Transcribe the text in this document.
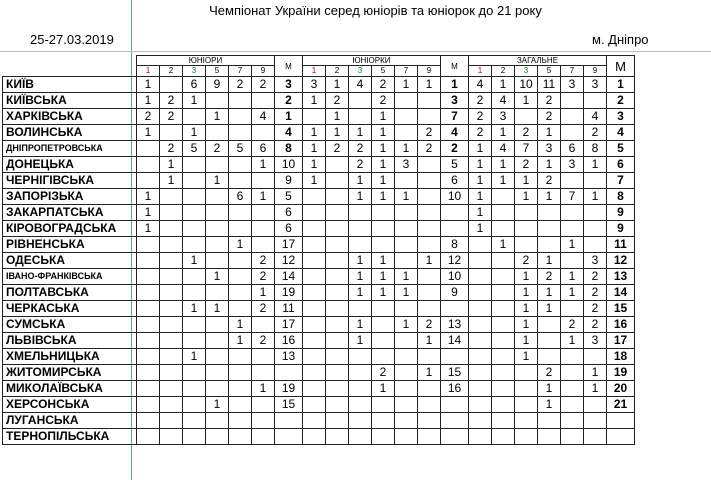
Чемпіонат України серед юніорів та юніорок до 21 року
25-27.03.2019	м. Дніпро
	ЮНІОРИ						М	ЮНІОРКИ						М	ЗАГАЛЬНЕ						М
	1	2	3	5	7	9		1	2	3	5	7	9		1	2	3	5	7	9	
КИЇВ	1		6	9	2	2	3	3	1	4	2	1	1	1	4	1	10	11	3	3	1
КИЇВСЬКА	1	2	1				2	1	2		2			3	2	4	1	2			2
ХАРКІВСЬКА	2	2		1		4	1		1		1			7	2	3		2		4	3
ВОЛИНСЬКА	1		1				4	1	1	1	1		2	4	2	1	2	1		2	4
ДНІПРОПЕТРОВСЬКА		2	5	2	5	6	8	1	2	2	1	1	2	2	1	4	7	3	6	8	5
ДОНЕЦЬКА		1				1	10	1		2	1	3		5	1	1	2	1	3	1	6
ЧЕРНІГІВСЬКА		1		1			9	1		1	1			6	1	1	1	2			7
ЗАПОРІЗЬКА	1				6	1	5			1	1	1		10	1		1	1	7	1	8
ЗАКАРПАТСЬКА	1						6								1						9
КІРОВОГРАДСЬКА	1						6								1						9
РІВНЕНСЬКА					1		17							8		1			1		11
ОДЕСЬКА			1			2	12			1	1		1	12			2	1		3	12
ІВАНО-ФРАНКІВСЬКА				1		2	14			1	1	1		10			1	2	1	2	13
ПОЛТАВСЬКА						1	19			1	1	1		9			1	1	1	2	14
ЧЕРКАСЬКА			1	1		2	11										1	1		2	15
СУМСЬКА					1		17			1		1	2	13			1		2	2	16
ЛЬВІВСЬКА					1	2	16			1			1	14			1		1	3	17
ХМЕЛЬНИЦЬКА			1				13										1				18
ЖИТОМИРСЬКА											2		1	15				2		1	19
МИКОЛАЇВСЬКА						1	19				1			16				1		1	20
ХЕРСОНСЬКА				1			15											1			21
ЛУГАНСЬКА																					
ТЕРНОПІЛЬСЬКА																					
